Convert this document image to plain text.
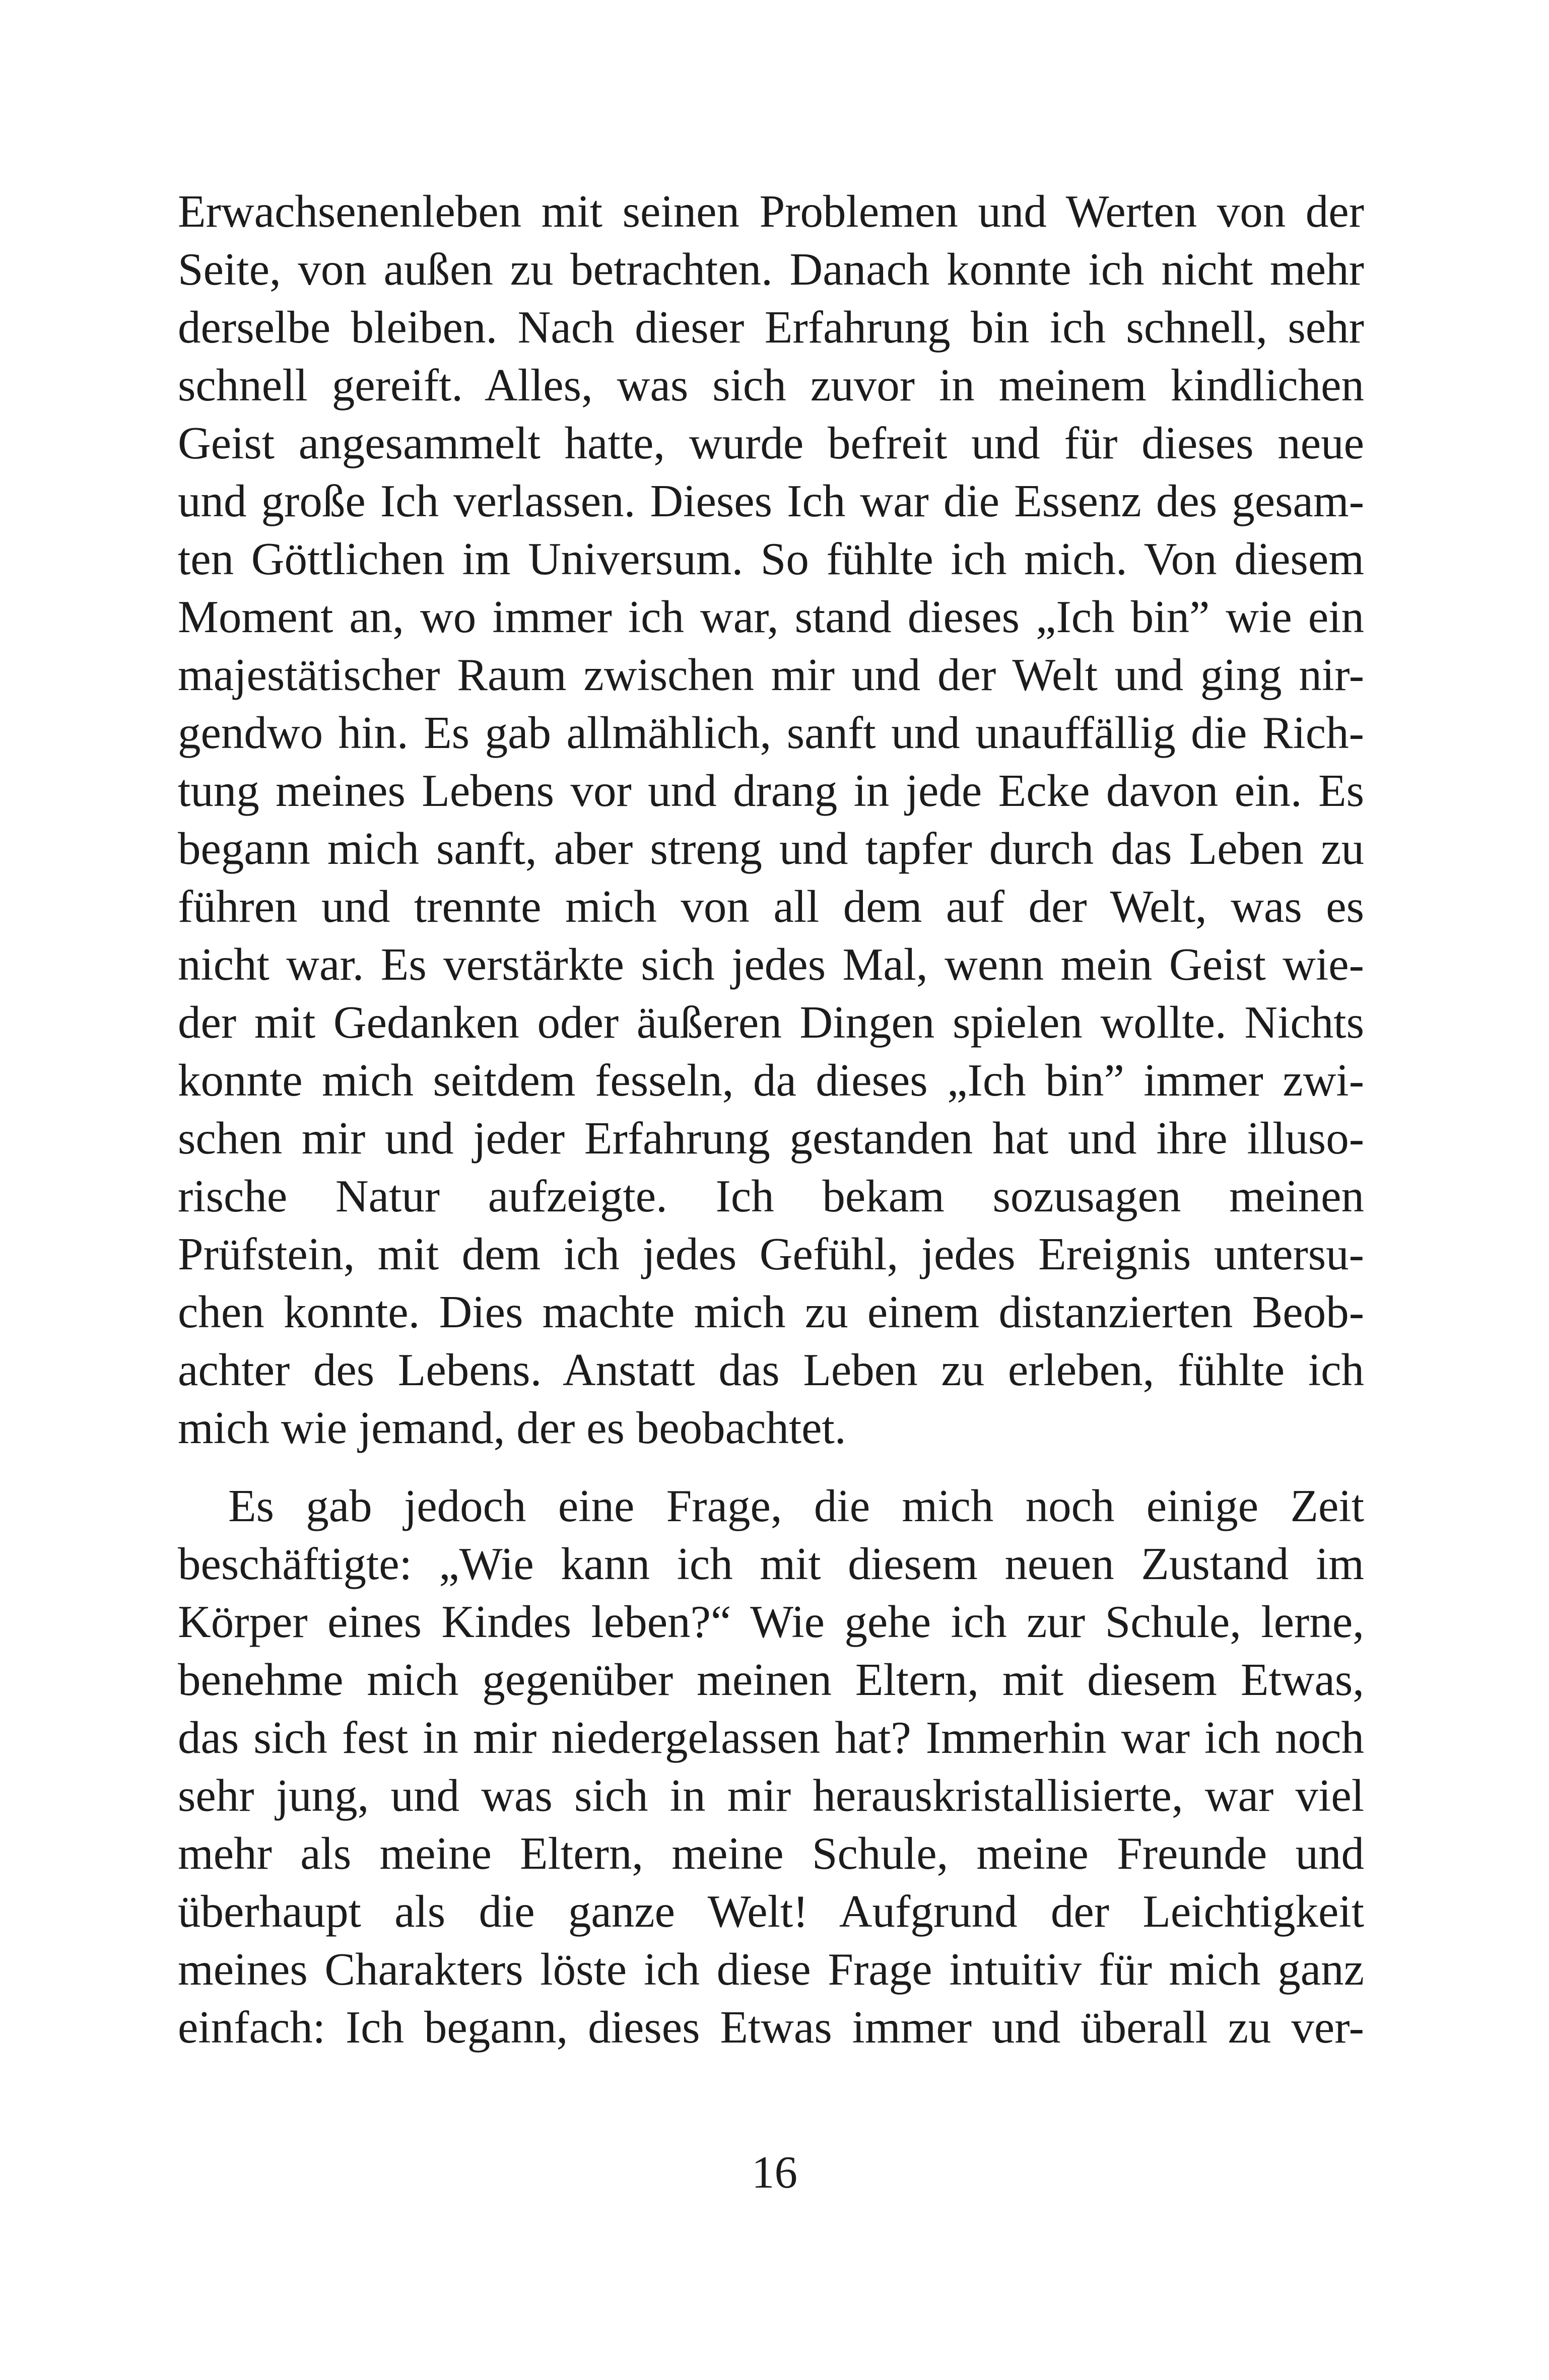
Erwachsenenleben mit seinen Problemen und Werten von der
Seite, von außen zu betrachten. Danach konnte ich nicht mehr
derselbe bleiben. Nach dieser Erfahrung bin ich schnell, sehr
schnell gereift. Alles, was sich zuvor in meinem kindlichen
Geist angesammelt hatte, wurde befreit und für dieses neue
und große Ich verlassen. Dieses Ich war die Essenz des gesam-
ten Göttlichen im Universum. So fühlte ich mich. Von diesem
Moment an, wo immer ich war, stand dieses „Ich bin” wie ein
majestätischer Raum zwischen mir und der Welt und ging nir-
gendwo hin. Es gab allmählich, sanft und unauffällig die Rich-
tung meines Lebens vor und drang in jede Ecke davon ein. Es
begann mich sanft, aber streng und tapfer durch das Leben zu
führen und trennte mich von all dem auf der Welt, was es
nicht war. Es verstärkte sich jedes Mal, wenn mein Geist wie-
der mit Gedanken oder äußeren Dingen spielen wollte. Nichts
konnte mich seitdem fesseln, da dieses „Ich bin” immer zwi-
schen mir und jeder Erfahrung gestanden hat und ihre illuso-
rische Natur aufzeigte. Ich bekam sozusagen meinen
Prüfstein, mit dem ich jedes Gefühl, jedes Ereignis untersu-
chen konnte. Dies machte mich zu einem distanzierten Beob-
achter des Lebens. Anstatt das Leben zu erleben, fühlte ich
mich wie jemand, der es beobachtet.
Es gab jedoch eine Frage, die mich noch einige Zeit
beschäftigte: „Wie kann ich mit diesem neuen Zustand im
Körper eines Kindes leben?“ Wie gehe ich zur Schule, lerne,
benehme mich gegenüber meinen Eltern, mit diesem Etwas,
das sich fest in mir niedergelassen hat? Immerhin war ich noch
sehr jung, und was sich in mir herauskristallisierte, war viel
mehr als meine Eltern, meine Schule, meine Freunde und
überhaupt als die ganze Welt! Aufgrund der Leichtigkeit
meines Charakters löste ich diese Frage intuitiv für mich ganz
einfach: Ich begann, dieses Etwas immer und überall zu ver-
16
